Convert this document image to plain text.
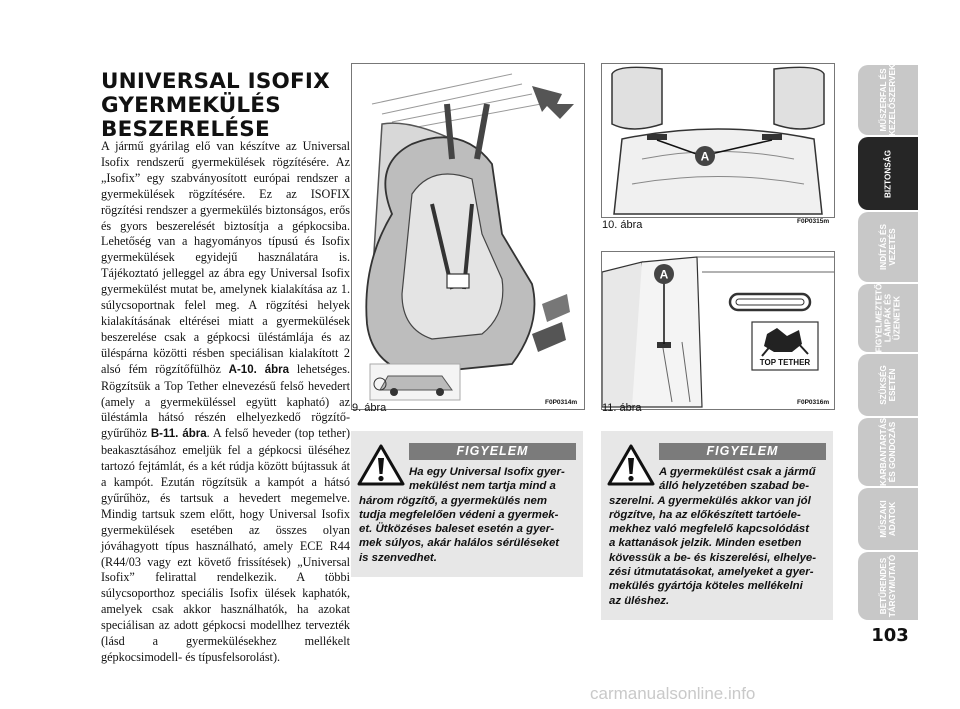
UNIVERSAL ISOFIX
GYERMEKÜLÉS
BESZERELÉSE

A jármű gyárilag elő van készítve az Universal Isofix rendszerű gyermekülések rögzítésére. Az „Isofix” egy szabványosított európai rendszer a gyermekülések rögzítésére. Ez az ISOFIX rögzítési rendszer a gyermekülés biztonságos, erős és gyors beszerelését biztosítja a gépkocsiba. Lehetőség van a hagyományos típusú és Isofix gyermekülések egyidejű használatára is. Tájékoztató jelleggel az ábra egy Universal Isofix gyermekülést mutat be, amelynek kialakítása az 1. súlycsoportnak felel meg. A rögzítési helyek kialakításának eltérései miatt a gyermekülések beszerelése csak a gépkocsi üléstámlája és az üléspárna közötti résben speciálisan kialakított 2 alsó fém rögzítőfülhöz A-10. ábra lehetséges. Rögzítsük a Top Tether elnevezésű felső hevedert (amely a gyermeküléssel együtt kapható) az üléstámla hátsó részén elhelyezkedő rögzítőgyűrűhöz B-11. ábra. A felső heveder (top tether) beakasztásához emeljük fel a gépkocsi üléséhez tartozó fejtámlát, és a két rúdja között bújtassuk át a kampót. Ezután rögzítsük a kampót a hátsó gyűrűhöz, és tartsuk a hevedert megemelve. Mindig tartsuk szem előtt, hogy Universal Isofix gyermekülések esetében az összes olyan jóváhagyott típus használható, amely ECE R44 (R44/03 vagy ezt követő frissítések) „Universal Isofix” felirattal rendelkezik. A többi súlycsoporthoz speciális Isofix ülések kaphatók, amelyek csak akkor használhatók, ha azokat speciálisan az adott gépkocsi modellhez tervezték (lásd a gyermekülésekhez mellékelt gépkocsimodell- és típusfelsorolást).

9. ábra	F0P0314m
A
10. ábra	F0P0315m
A
TOP TETHER
11. ábra	F0P0316m
FIGYELEM

Ha egy Universal Isofix gyer-
mekülést nem tartja mind a
három rögzítő, a gyermekülés nem
tudja megfelelően védeni a gyermek-
et. Ütközéses baleset esetén a gyer-
mek súlyos, akár halálos sérüléseket
is szenvedhet.

FIGYELEM

A gyermekülést csak a jármű
álló helyzetében szabad be-
szerelni. A gyermekülés akkor van jól
rögzítve, ha az előkészített tartóele-
mekhez való megfelelő kapcsolódást
a kattanások jelzik. Minden esetben
kövessük a be- és kiszerelési, elhelye-
zési útmutatásokat, amelyeket a gyer-
mekülés gyártója köteles mellékelni
az üléshez.

MŰSZERFAL ÉS
KEZELŐSZERVEK
BIZTONSÁG
INDÍTÁS ÉS
VEZETÉS
FIGYELMEZTETŐ
LÁMPÁK ÉS
ÜZENETEK
SZÜKSÉG
ESETÉN
KARBANTARTÁS
ÉS GONDOZÁS
MŰSZAKI
ADATOK
BETŰRENDES
TÁRGYMUTATÓ
103
carmanualsonline.info
